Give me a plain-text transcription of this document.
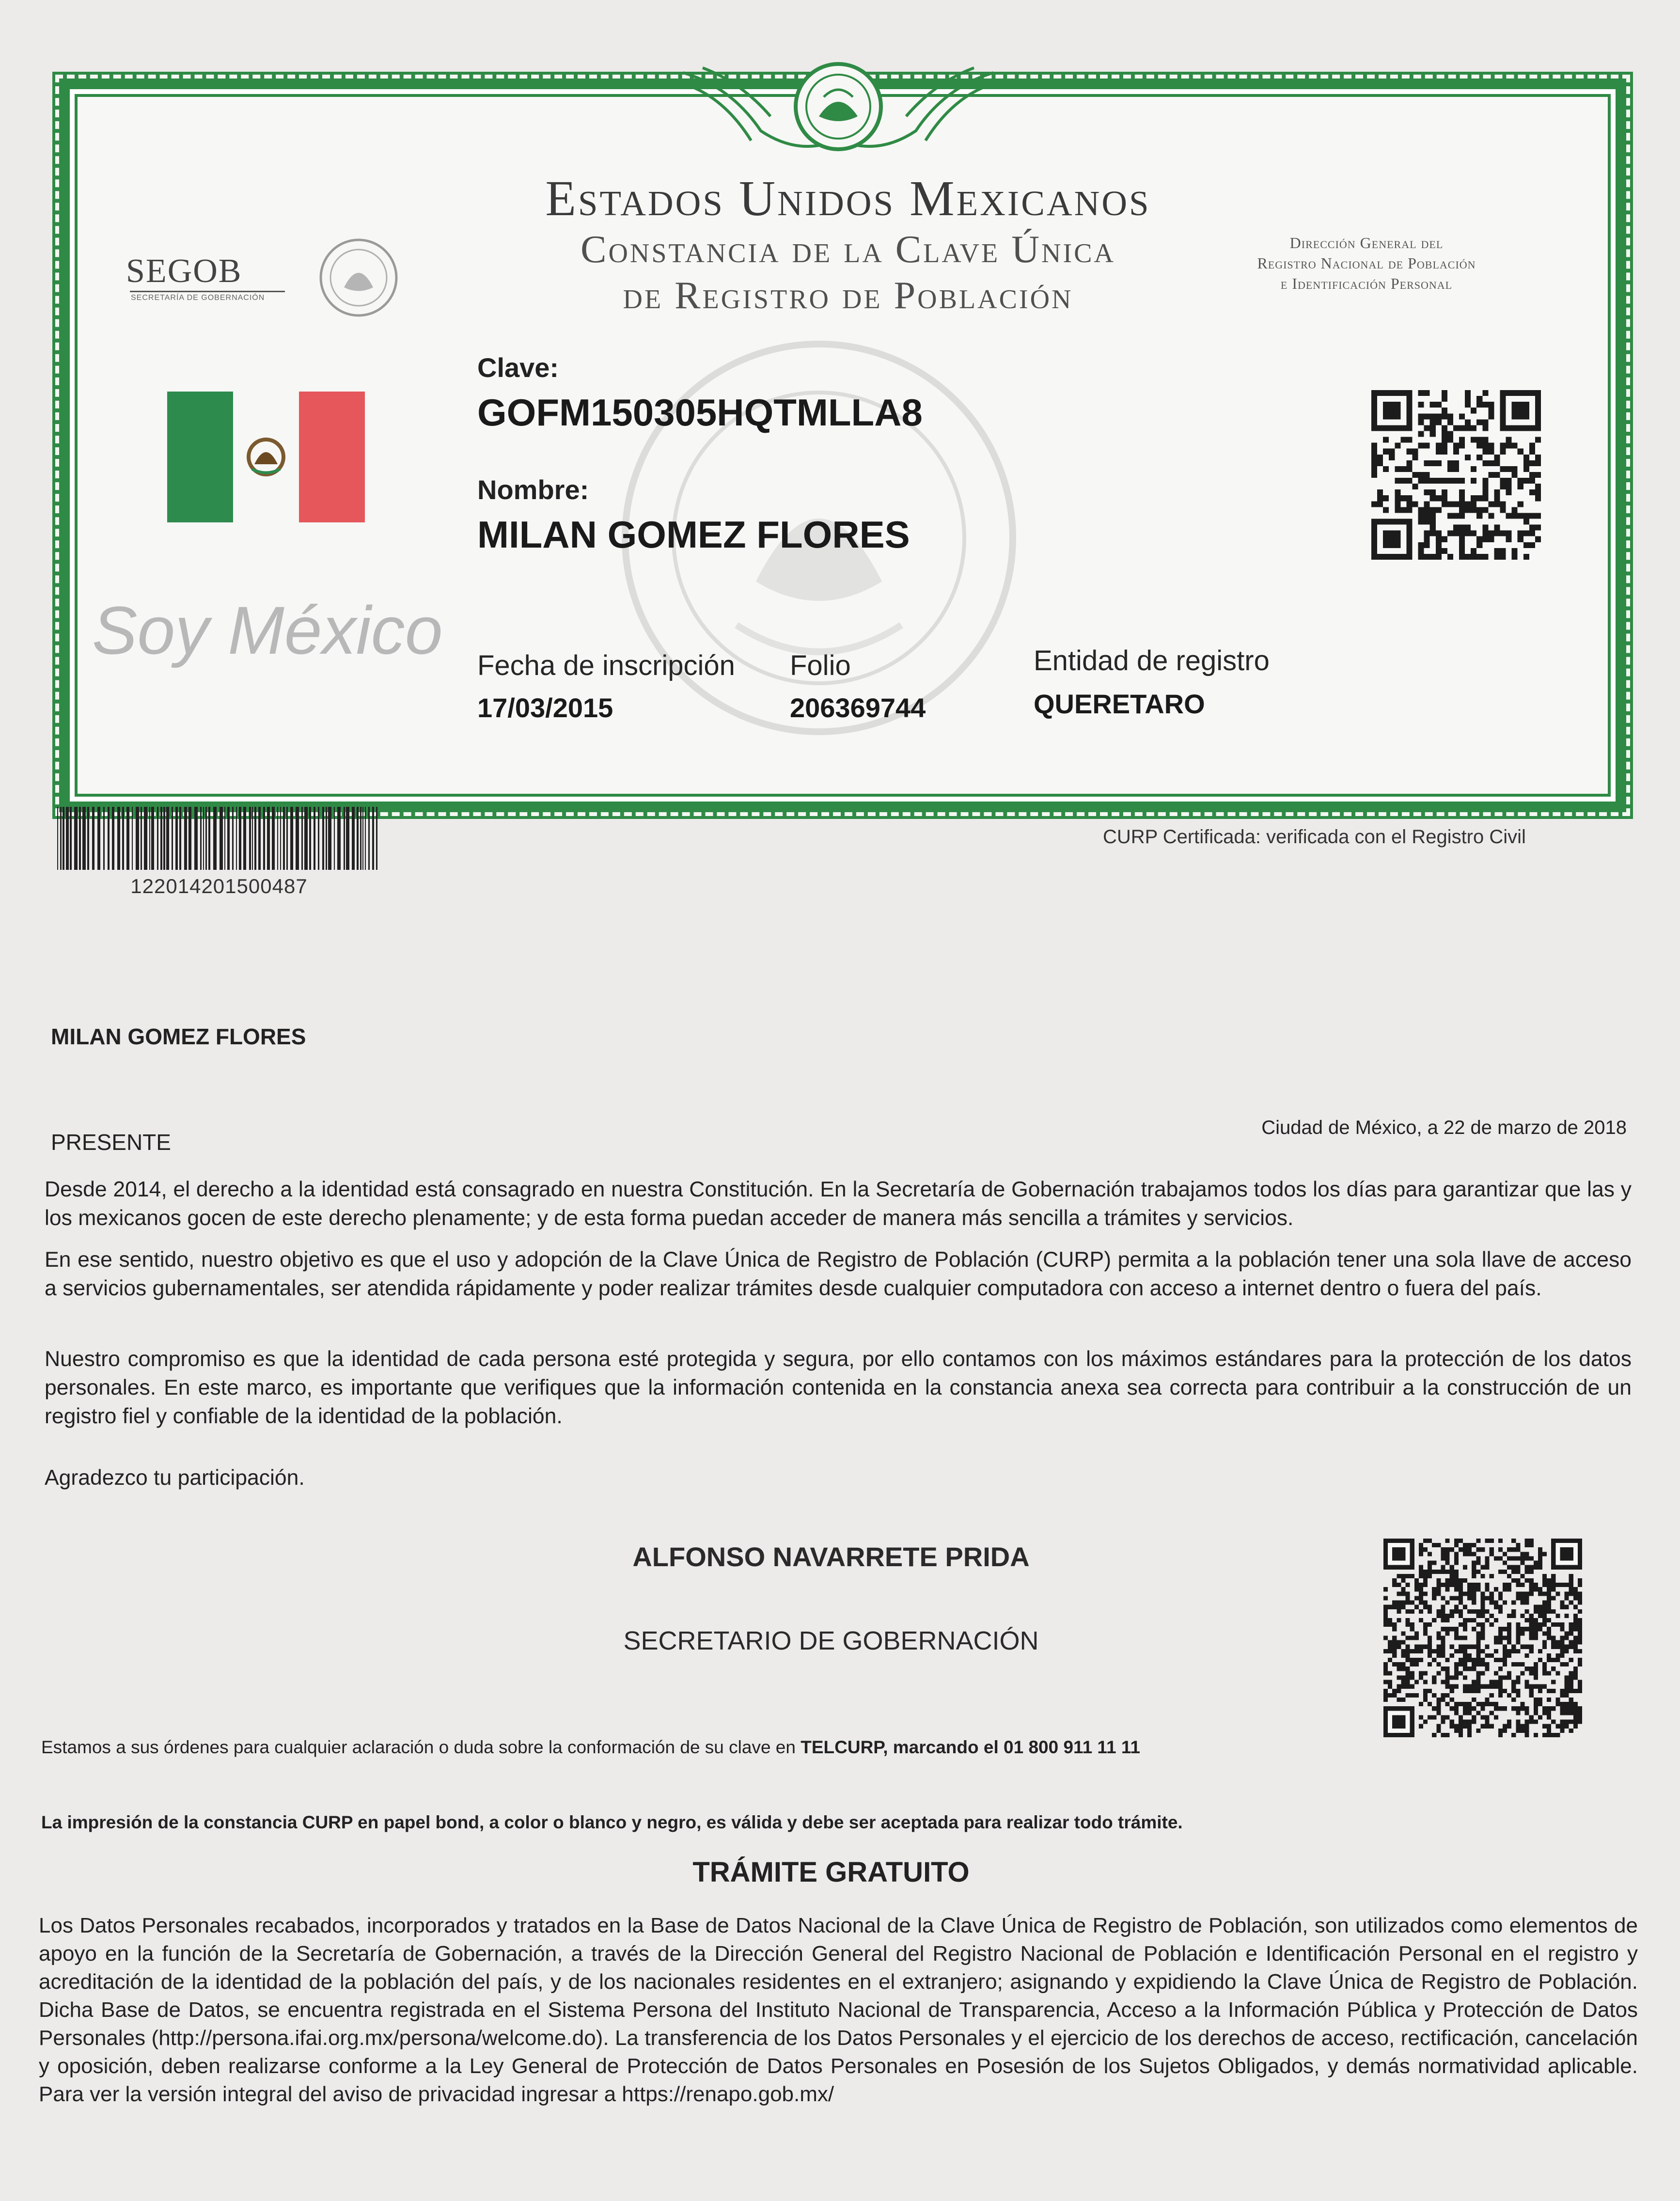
Estados Unidos Mexicanos
Constancia de la Clave Única
de Registro de Población
Dirección General del
Registro Nacional de Población
e Identificación Personal
SEGOB
SECRETARÍA DE GOBERNACIÓN
Soy México
Clave:
GOFM150305HQTMLLA8
Nombre:
MILAN GOMEZ FLORES
Fecha de inscripción
17/03/2015
Folio
206369744
Entidad de registro
QUERETARO
122014201500487
CURP Certificada: verificada con el Registro Civil
MILAN GOMEZ FLORES
PRESENTE
Ciudad de México, a 22 de marzo de 2018

Desde 2014, el derecho a la identidad está consagrado en nuestra Constitución. En la Secretaría de Gobernación trabajamos todos los días para garantizar que las y los mexicanos gocen de este derecho plenamente; y de esta forma puedan acceder de manera más sencilla a trámites y servicios.

En ese sentido, nuestro objetivo es que el uso y adopción de la Clave Única de Registro de Población (CURP) permita a la población tener una sola llave de acceso a servicios gubernamentales, ser atendida rápidamente y poder realizar trámites desde cualquier computadora con acceso a internet dentro o fuera del país.

Nuestro compromiso es que la identidad de cada persona esté protegida y segura, por ello contamos con los máximos estándares para la protección de los datos personales. En este marco, es importante que verifiques que la información contenida en la constancia anexa sea correcta para contribuir a la construcción de un registro fiel y confiable de la identidad de la población.

Agradezco tu participación.

ALFONSO NAVARRETE PRIDA
SECRETARIO DE GOBERNACIÓN
Estamos a sus órdenes para cualquier aclaración o duda sobre la conformación de su clave en TELCURP, marcando el 01 800 911 11 11
La impresión de la constancia CURP en papel bond, a color o blanco y negro, es válida y debe ser aceptada para realizar todo trámite.
TRÁMITE GRATUITO

Los Datos Personales recabados, incorporados y tratados en la Base de Datos Nacional de la Clave Única de Registro de Población, son utilizados como elementos de apoyo en la función de la Secretaría de Gobernación, a través de la Dirección General del Registro Nacional de Población e Identificación Personal en el registro y acreditación de la identidad de la población del país, y de los nacionales residentes en el extranjero; asignando y expidiendo la Clave Única de Registro de Población. Dicha Base de Datos, se encuentra registrada en el Sistema Persona del Instituto Nacional de Transparencia, Acceso a la Información Pública y Protección de Datos Personales (http://persona.ifai.org.mx/persona/welcome.do). La transferencia de los Datos Personales y el ejercicio de los derechos de acceso, rectificación, cancelación y oposición, deben realizarse conforme a la Ley General de Protección de Datos Personales en Posesión de los Sujetos Obligados, y demás normatividad aplicable. Para ver la versión integral del aviso de privacidad ingresar a https://renapo.gob.mx/
